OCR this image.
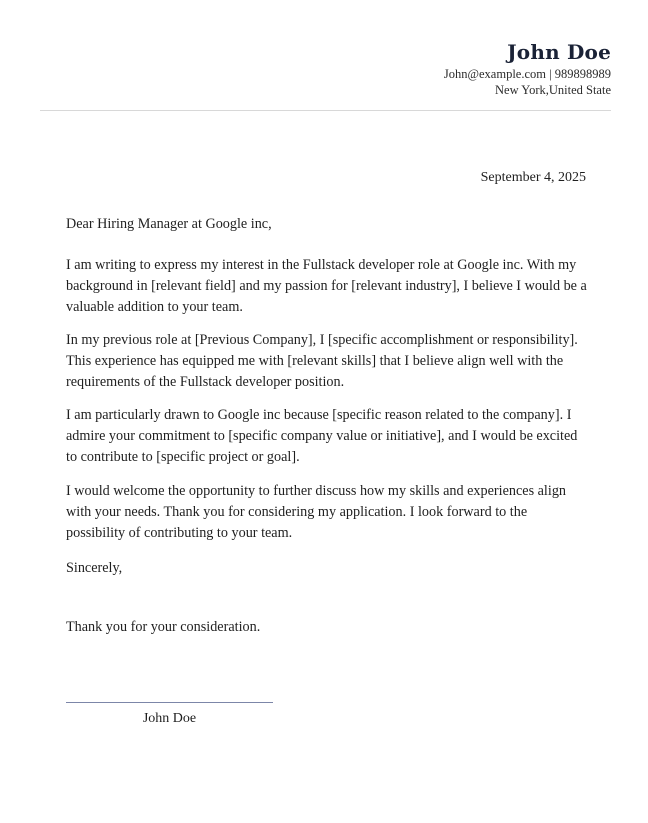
John Doe
John@example.com | 989898989
New York,United State
September 4, 2025

Dear Hiring Manager at Google inc,

I am writing to express my interest in the Fullstack developer role at Google inc. With my background in [relevant field] and my passion for [relevant industry], I believe I would be a valuable addition to your team.

In my previous role at [Previous Company], I [specific accomplishment or responsibility]. This experience has equipped me with [relevant skills] that I believe align well with the requirements of the Fullstack developer position.

I am particularly drawn to Google inc because [specific reason related to the company]. I admire your commitment to [specific company value or initiative], and I would be excited to contribute to [specific project or goal].

I would welcome the opportunity to further discuss how my skills and experiences align with your needs. Thank you for considering my application. I look forward to the possibility of contributing to your team.

Sincerely,

Thank you for your consideration.

John Doe
